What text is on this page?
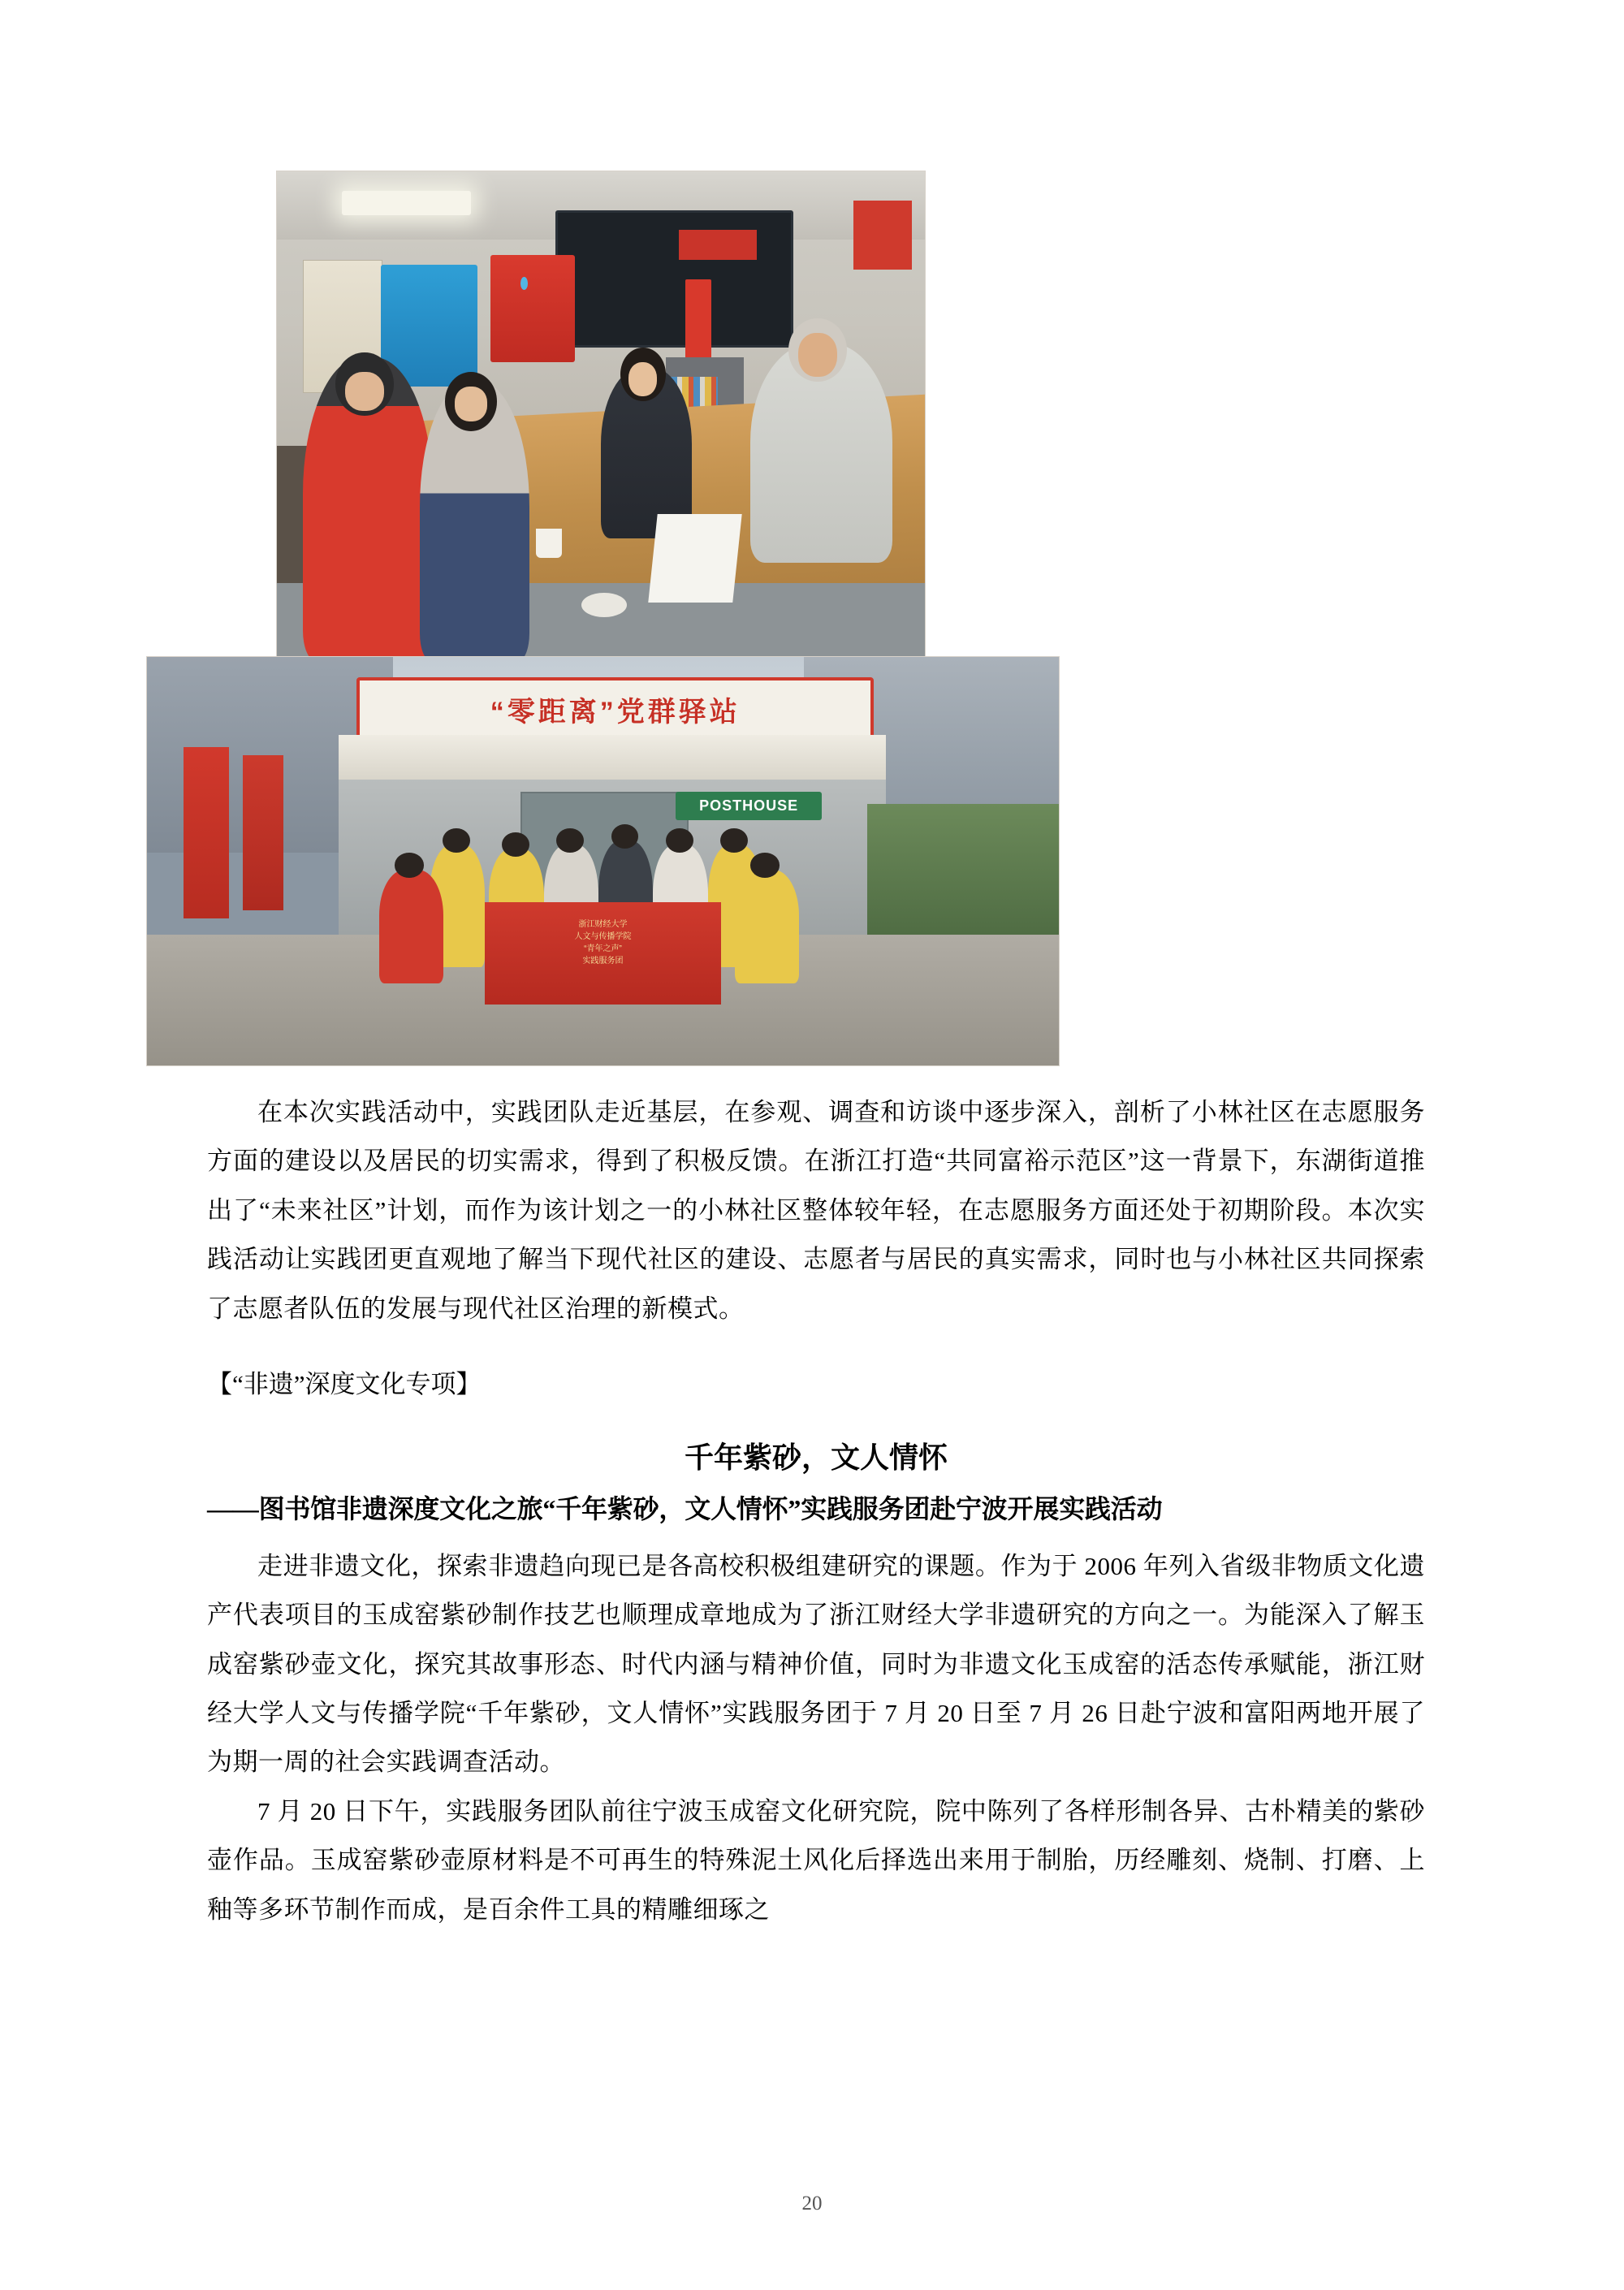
“零距离”党群驿站
POSTHOUSE
浙江财经大学
人文与传播学院
“青年之声”
实践服务团

在本次实践活动中，实践团队走近基层，在参观、调查和访谈中逐步深入，剖析了小林社区在志愿服务方面的建设以及居民的切实需求，得到了积极反馈。在浙江打造“共同富裕示范区”这一背景下，东湖街道推出了“未来社区”计划，而作为该计划之一的小林社区整体较年轻，在志愿服务方面还处于初期阶段。本次实践活动让实践团更直观地了解当下现代社区的建设、志愿者与居民的真实需求，同时也与小林社区共同探索了志愿者队伍的发展与现代社区治理的新模式。

【“非遗”深度文化专项】

千年紫砂，文人情怀
——图书馆非遗深度文化之旅“千年紫砂，文人情怀”实践服务团赴宁波开展实践活动

走进非遗文化，探索非遗趋向现已是各高校积极组建研究的课题。作为于 2006 年列入省级非物质文化遗产代表项目的玉成窑紫砂制作技艺也顺理成章地成为了浙江财经大学非遗研究的方向之一。为能深入了解玉成窑紫砂壶文化，探究其故事形态、时代内涵与精神价值，同时为非遗文化玉成窑的活态传承赋能，浙江财经大学人文与传播学院“千年紫砂，文人情怀”实践服务团于 7 月 20 日至 7 月 26 日赴宁波和富阳两地开展了为期一周的社会实践调查活动。

7 月 20 日下午，实践服务团队前往宁波玉成窑文化研究院，院中陈列了各样形制各异、古朴精美的紫砂壶作品。玉成窑紫砂壶原材料是不可再生的特殊泥土风化后择选出来用于制胎，历经雕刻、烧制、打磨、上釉等多环节制作而成，是百余件工具的精雕细琢之

20
